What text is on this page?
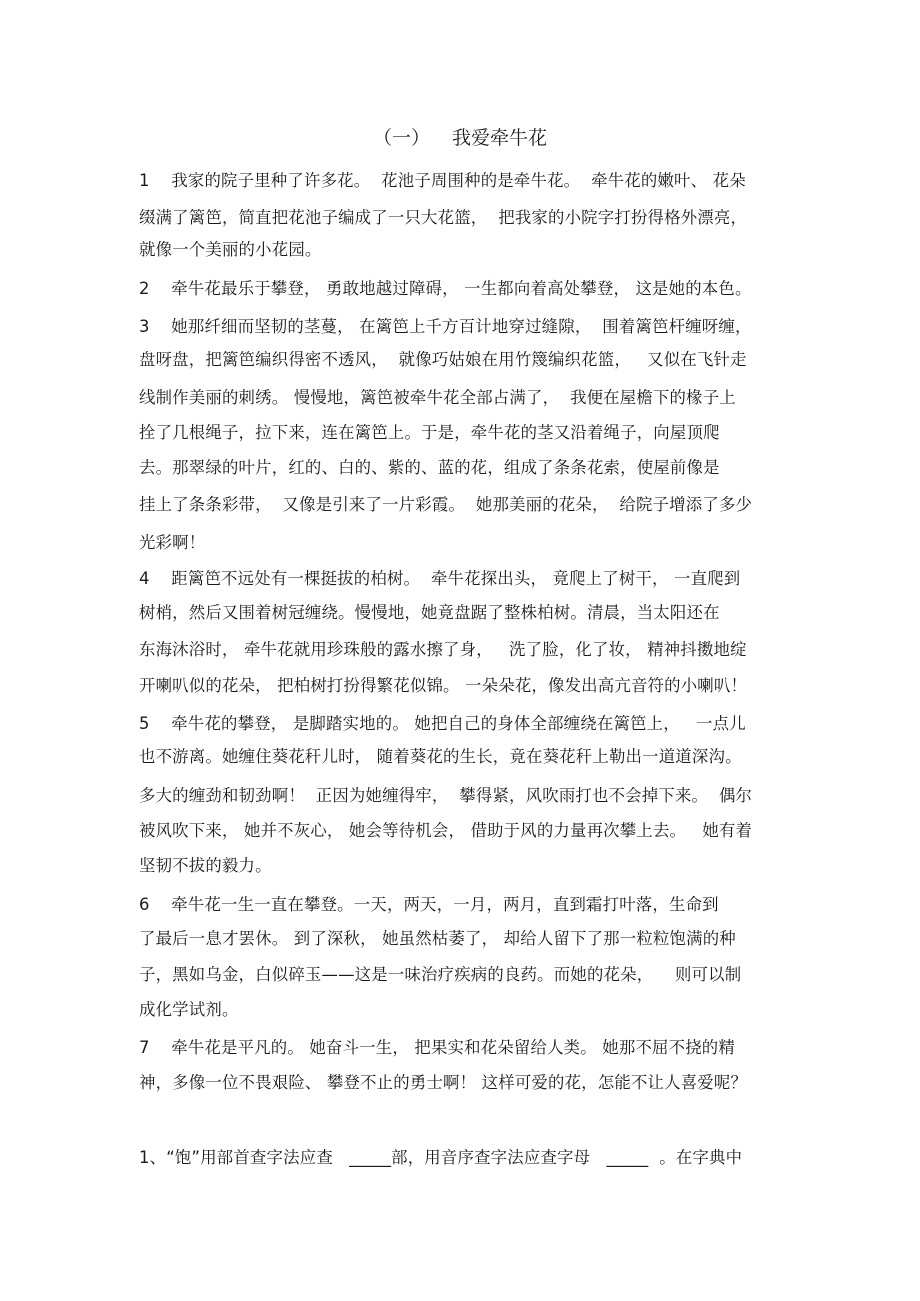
（一） 我爱牵牛花
1    我家的院子里种了许多花。  花池子周围种的是牵牛花。  牵牛花的嫩叶、 花朵
缀满了篱笆，简直把花池子编成了一只大花篮，  把我家的小院字打扮得格外漂亮，
就像一个美丽的小花园。
2    牵牛花最乐于攀登， 勇敢地越过障碍， 一生都向着高处攀登， 这是她的本色。
3    她那纤细而坚韧的茎蔓， 在篱笆上千方百计地穿过缝隙，  围着篱笆杆缠呀缠，
盘呀盘，把篱笆编织得密不透风，  就像巧姑娘在用竹篾编织花篮，   又似在飞针走
线制作美丽的刺绣。 慢慢地，篱笆被牵牛花全部占满了，  我便在屋檐下的椽子上
拴了几根绳子，拉下来，连在篱笆上。于是，牵牛花的茎又沿着绳子，向屋顶爬
去。那翠绿的叶片，红的、白的、紫的、蓝的花，组成了条条花索，使屋前像是
挂上了条条彩带，  又像是引来了一片彩霞。  她那美丽的花朵，  给院子增添了多少
光彩啊！
4    距篱笆不远处有一棵挺拔的柏树。  牵牛花探出头， 竟爬上了树干， 一直爬到
树梢，然后又围着树冠缠绕。慢慢地，她竟盘踞了整株柏树。清晨，当太阳还在
东海沐浴时， 牵牛花就用珍珠般的露水擦了身，   洗了脸，化了妆， 精神抖擞地绽
开喇叭似的花朵， 把柏树打扮得繁花似锦。 一朵朵花，像发出高亢音符的小喇叭！
5    牵牛花的攀登， 是脚踏实地的。 她把自己的身体全部缠绕在篱笆上，   一点儿
也不游离。她缠住葵花秆儿时， 随着葵花的生长，竟在葵花秆上勒出一道道深沟。
多大的缠劲和韧劲啊！  正因为她缠得牢，  攀得紧，风吹雨打也不会掉下来。  偶尔
被风吹下来， 她并不灰心， 她会等待机会， 借助于风的力量再次攀上去。   她有着
坚韧不拔的毅力。
6    牵牛花一生一直在攀登。一天，两天，一月，两月，直到霜打叶落，生命到
了最后一息才罢休。 到了深秋， 她虽然枯萎了， 却给人留下了那一粒粒饱满的种
子，黑如乌金，白似碎玉——这是一味治疗疾病的良药。而她的花朵，    则可以制
成化学试剂。
7    牵牛花是平凡的。 她奋斗一生， 把果实和花朵留给人类。 她那不屈不挠的精
神，多像一位不畏艰险、 攀登不止的勇士啊！ 这样可爱的花，怎能不让人喜爱呢？
1、“饱”用部首查字法应查   _____部，用音序查字法应查字母   _____  。在字典中
